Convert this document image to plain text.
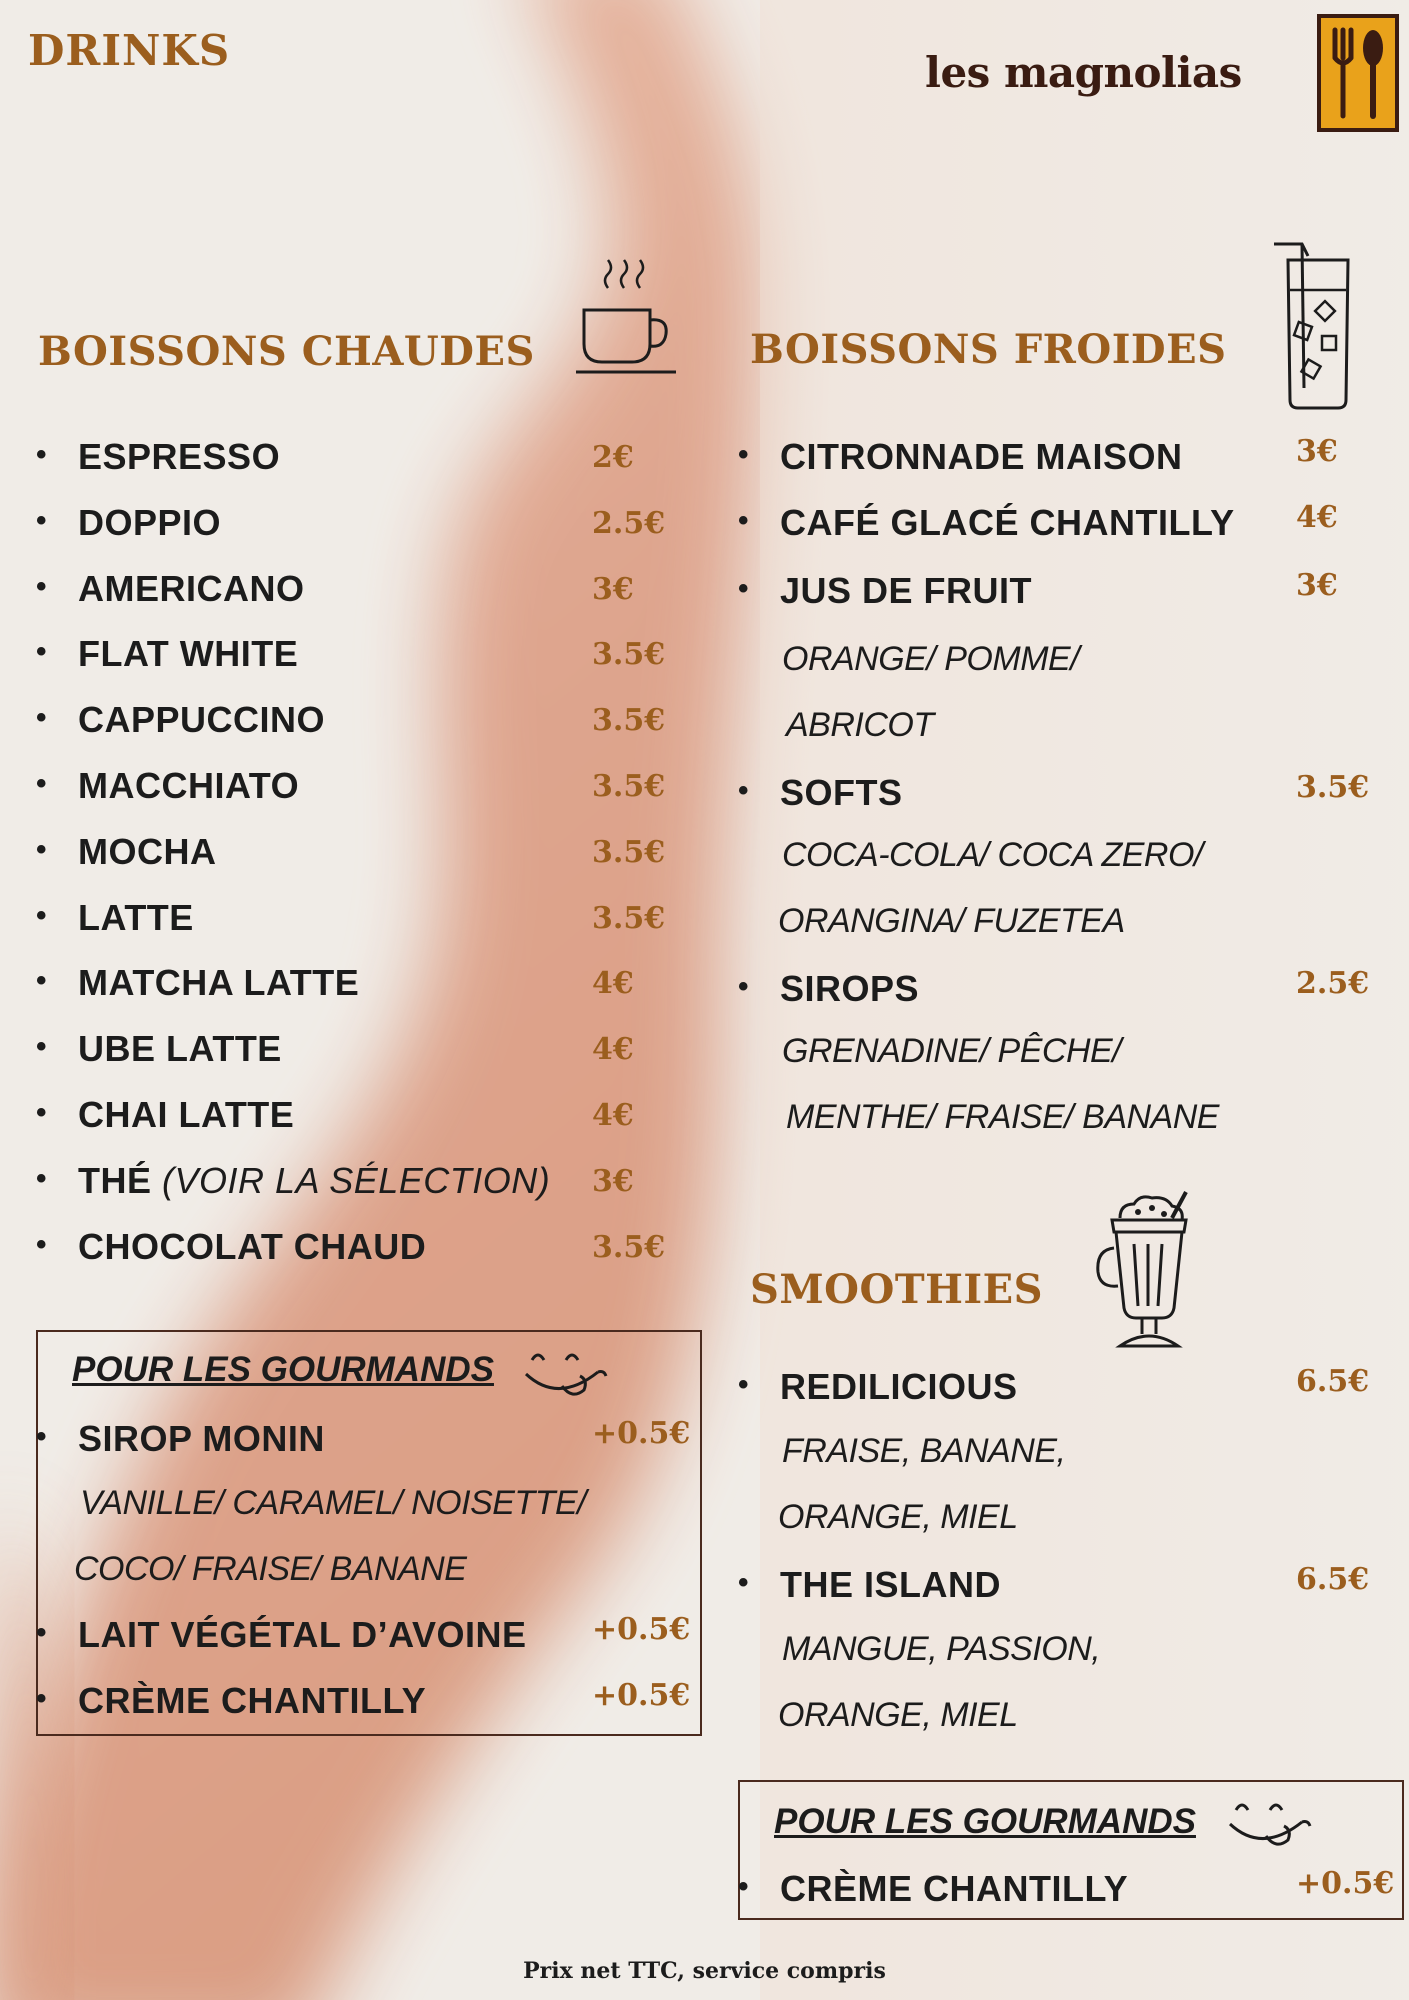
DRINKS	les magnolias
BOISSONS CHAUDES
• ESPRESSO	2€
• DOPPIO	2.5€
• AMERICANO	3€
• FLAT WHITE	3.5€
• CAPPUCCINO	3.5€
• MACCHIATO	3.5€
• MOCHA	3.5€
• LATTE	3.5€
• MATCHA LATTE	4€
• UBE LATTE	4€
• CHAI LATTE	4€
• THÉ (VOIR LA SÉLECTION) 3€
• CHOCOLAT CHAUD	3.5€
POUR LES GOURMANDS
• SIROP MONIN	+0.5€
VANILLE/ CARAMEL/ NOISETTE/
COCO/ FRAISE/ BANANE
• LAIT VÉGÉTAL D’AVOINE +0.5€
• CRÈME CHANTILLY	+0.5€
BOISSONS FROIDES
• CITRONNADE MAISON	3€
• CAFÉ GLACÉ CHANTILLY 4€
• JUS DE FRUIT	3€
ORANGE/ POMME/
ABRICOT
• SOFTS	3.5€
COCA-COLA/ COCA ZERO/
ORANGINA/ FUZETEA
• SIROPS	2.5€
GRENADINE/ PÊCHE/
MENTHE/ FRAISE/ BANANE
SMOOTHIES
• REDILICIOUS	6.5€
FRAISE, BANANE,
ORANGE, MIEL
• THE ISLAND	6.5€
MANGUE, PASSION,
ORANGE, MIEL
POUR LES GOURMANDS
• CRÈME CHANTILLY	+0.5€
Prix net TTC, service compris
